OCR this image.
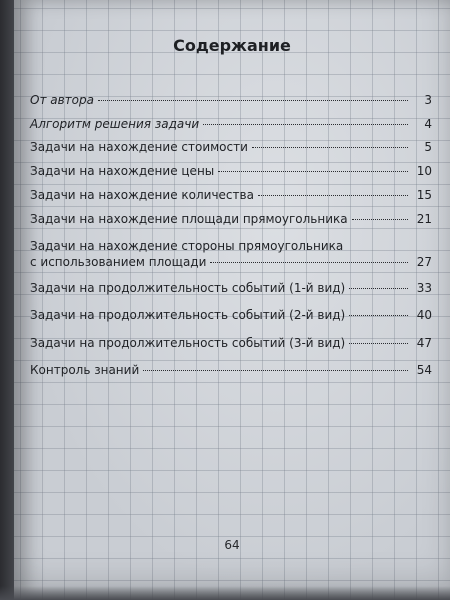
Содержание
От автора	3
Алгоритм решения задачи	4
Задачи на нахождение стоимости	5
Задачи на нахождение цены	10
Задачи на нахождение количества	15
Задачи на нахождение площади прямоугольника	21
Задачи на нахождение стороны прямоугольника
с использованием площади	27
Задачи на продолжительность событий (1-й вид)	33
Задачи на продолжительность событий (2-й вид)	40
Задачи на продолжительность событий (3-й вид)	47
Контроль знаний	54
64
